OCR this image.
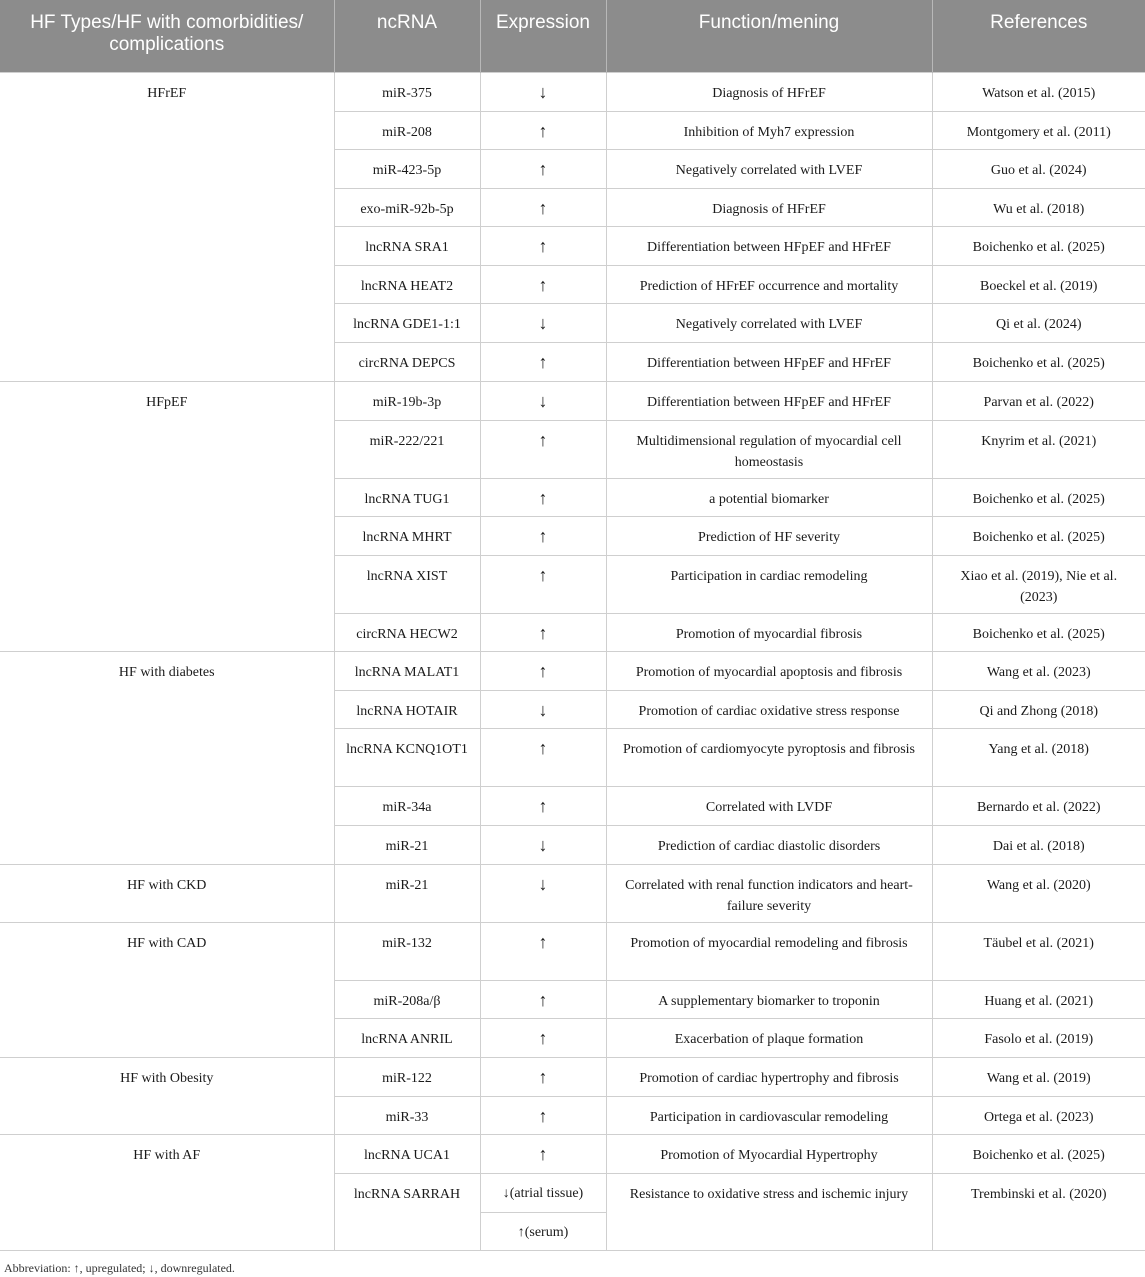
HF Types/HF with comorbidities/ complications	ncRNA	Expression	Function/mening	References
HFrEF	miR-375	↓	Diagnosis of HFrEF	Watson et al. (2015)
	miR-208	↑	Inhibition of Myh7 expression	Montgomery et al. (2011)
	miR-423-5p	↑	Negatively correlated with LVEF	Guo et al. (2024)
	exo-miR-92b-5p	↑	Diagnosis of HFrEF	Wu et al. (2018)
	lncRNA SRA1	↑	Differentiation between HFpEF and HFrEF	Boichenko et al. (2025)
	lncRNA HEAT2	↑	Prediction of HFrEF occurrence and mortality	Boeckel et al. (2019)
	lncRNA GDE1-1:1	↓	Negatively correlated with LVEF	Qi et al. (2024)
	circRNA DEPCS	↑	Differentiation between HFpEF and HFrEF	Boichenko et al. (2025)
HFpEF	miR-19b-3p	↓	Differentiation between HFpEF and HFrEF	Parvan et al. (2022)
	miR-222/221	↑	Multidimensional regulation of myocardial cell homeostasis	Knyrim et al. (2021)
	lncRNA TUG1	↑	a potential biomarker	Boichenko et al. (2025)
	lncRNA MHRT	↑	Prediction of HF severity	Boichenko et al. (2025)
	lncRNA XIST	↑	Participation in cardiac remodeling	Xiao et al. (2019), Nie et al. (2023)
	circRNA HECW2	↑	Promotion of myocardial fibrosis	Boichenko et al. (2025)
HF with diabetes	lncRNA MALAT1	↑	Promotion of myocardial apoptosis and fibrosis	Wang et al. (2023)
	lncRNA HOTAIR	↓	Promotion of cardiac oxidative stress response	Qi and Zhong (2018)
	lncRNA KCNQ1OT1	↑	Promotion of cardiomyocyte pyroptosis and fibrosis	Yang et al. (2018)
	miR-34a	↑	Correlated with LVDF	Bernardo et al. (2022)
	miR-21	↓	Prediction of cardiac diastolic disorders	Dai et al. (2018)
HF with CKD	miR-21	↓	Correlated with renal function indicators and heart-failure severity	Wang et al. (2020)
HF with CAD	miR-132	↑	Promotion of myocardial remodeling and fibrosis	Täubel et al. (2021)
	miR-208a/β	↑	A supplementary biomarker to troponin	Huang et al. (2021)
	lncRNA ANRIL	↑	Exacerbation of plaque formation	Fasolo et al. (2019)
HF with Obesity	miR-122	↑	Promotion of cardiac hypertrophy and fibrosis	Wang et al. (2019)
	miR-33	↑	Participation in cardiovascular remodeling	Ortega et al. (2023)
HF with AF	lncRNA UCA1	↑	Promotion of Myocardial Hypertrophy	Boichenko et al. (2025)
	lncRNA SARRAH	↓(atrial tissue)	Resistance to oxidative stress and ischemic injury	Trembinski et al. (2020)
		↑(serum)		
Abbreviation: ↑, upregulated; ↓, downregulated.
